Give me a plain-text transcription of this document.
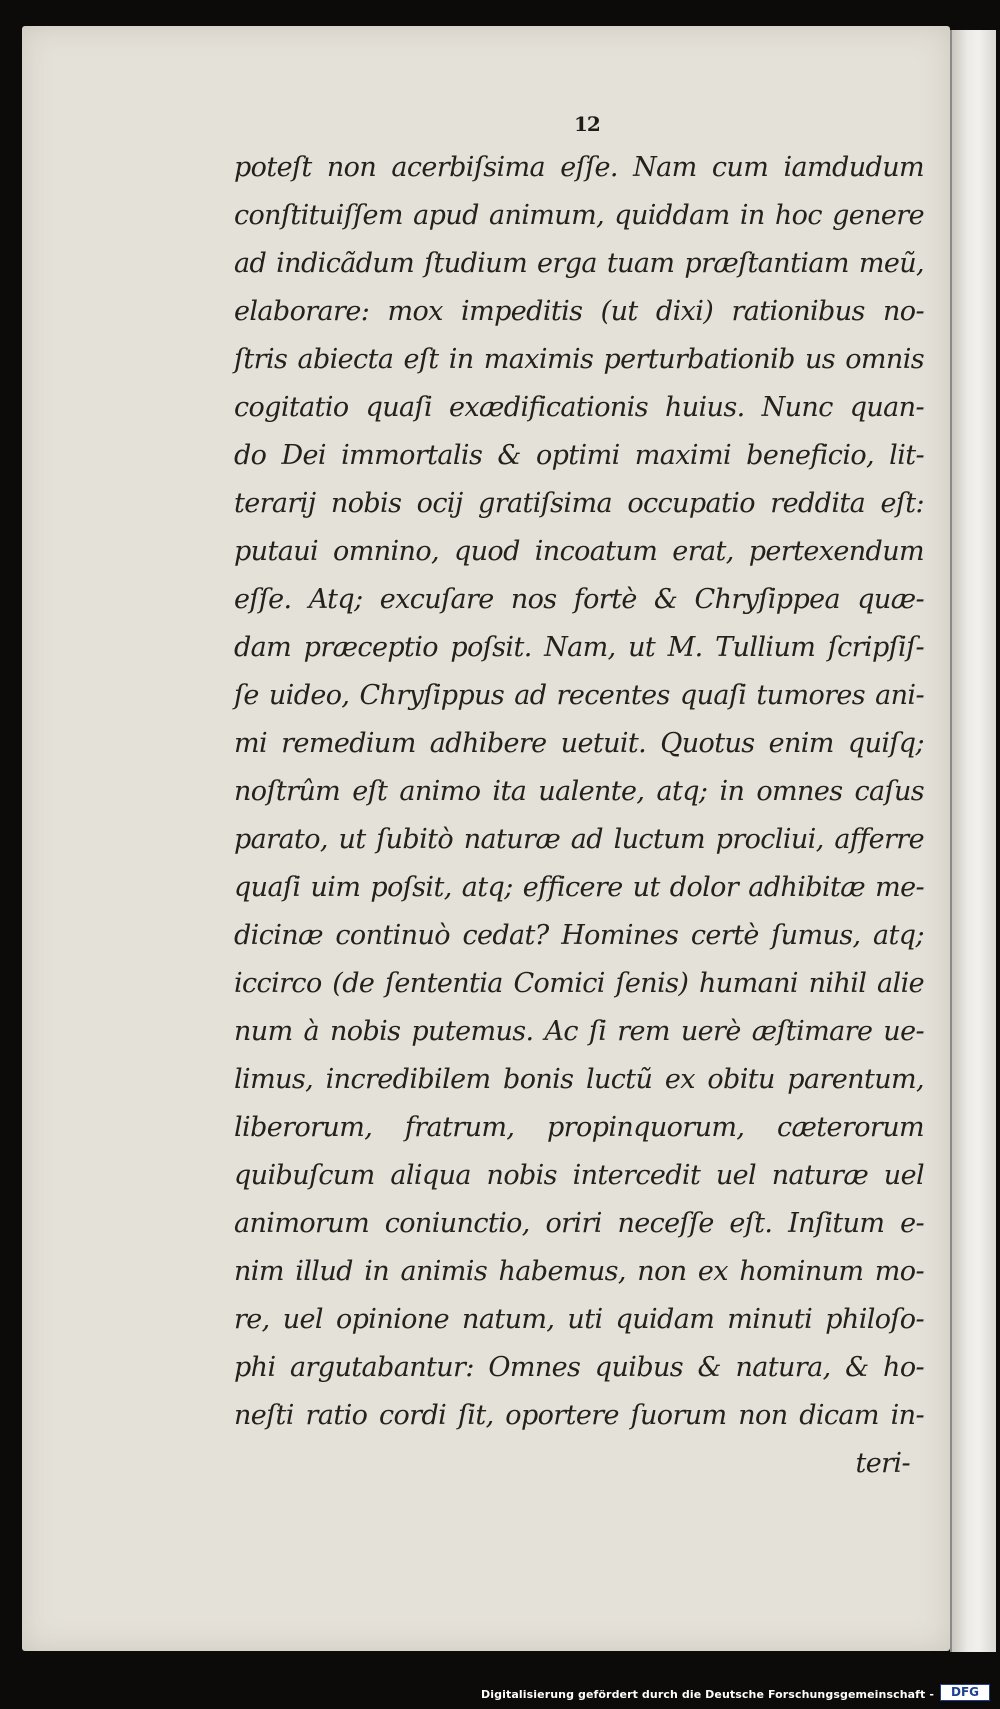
12
poteſt non acerbiſsima eſſe. Nam cum iamdudum
conſtituiſſem apud animum, quiddam in hoc genere
ad indicãdum ſtudium erga tuam præſtantiam meũ,
elaborare: mox impeditis (ut dixi) rationibus no-
ſtris abiecta eſt in maximis perturbationib us omnis
cogitatio quaſi exædificationis huius. Nunc quan-
do Dei immortalis & optimi maximi beneficio, lit-
terarij nobis ocij gratiſsima occupatio reddita eſt:
putaui omnino, quod incoatum erat, pertexendum
eſſe. Atq; excuſare nos fortè & Chryſippea quæ-
dam præceptio poſsit. Nam, ut M. Tullium ſcripſiſ-
ſe uideo, Chryſippus ad recentes quaſi tumores ani-
mi remedium adhibere uetuit. Quotus enim quiſq;
noſtrûm eſt animo ita ualente, atq; in omnes caſus
parato, ut ſubitò naturæ ad luctum procliui, afferre
quaſi uim poſsit, atq; efficere ut dolor adhibitæ me-
dicinæ continuò cedat? Homines certè ſumus, atq;
iccirco (de ſententia Comici ſenis) humani nihil alie
num à nobis putemus. Ac ſi rem uerè æſtimare ue-
limus, incredibilem bonis luctũ ex obitu parentum,
liberorum, fratrum, propinquorum, cæterorum
quibuſcum aliqua nobis intercedit uel naturæ uel
animorum coniunctio, oriri neceſſe eſt. Inſitum e-
nim illud in animis habemus, non ex hominum mo-
re, uel opinione natum, uti quidam minuti philoſo-
phi argutabantur: Omnes quibus & natura, & ho-
neſti ratio cordi ſit, oportere ſuorum non dicam in-
teri-
Digitalisierung gefördert durch die Deutsche Forschungsgemeinschaft -	DFG
